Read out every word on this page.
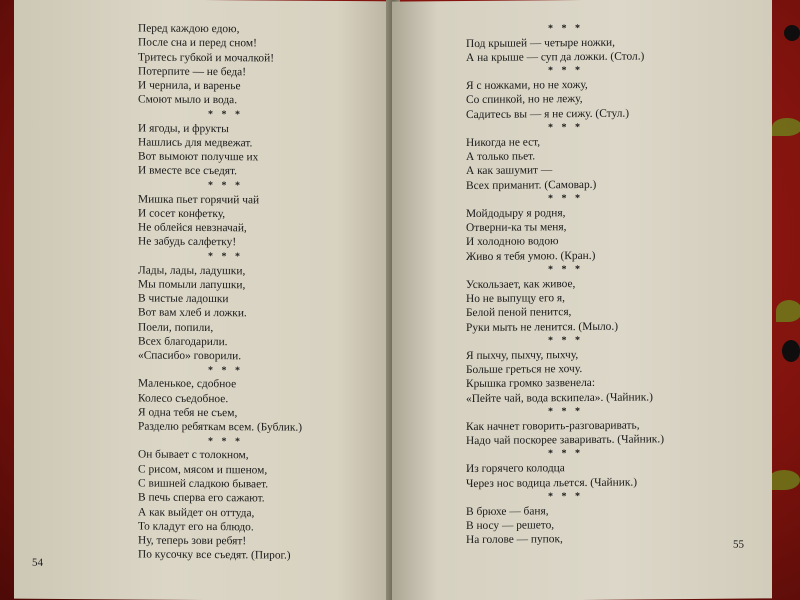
Перед каждою едою,
После сна и перед сном!
Тритесь губкой и мочалкой!
Потерпите — не беда!
И чернила, и варенье
Смоют мыло и вода.
* * *
И ягоды, и фрукты
Нашлись для медвежат.
Вот вымоют получше их
И вместе все съедят.
* * *
Мишка пьет горячий чай
И сосет конфетку,
Не облейся невзначай,
Не забудь салфетку!
* * *
Лады, лады, ладушки,
Мы помыли лапушки,
В чистые ладошки
Вот вам хлеб и ложки.
Поели, попили,
Всех благодарили.
«Спасибо» говорили.
* * *
Маленькое, сдобное
Колесо съедобное.
Я одна тебя не съем,
Разделю ребяткам всем. (Бублик.)
* * *
Он бывает с толокном,
С рисом, мясом и пшеном,
С вишней сладкою бывает.
В печь сперва его сажают.
А как выйдет он оттуда,
То кладут его на блюдо.
Ну, теперь зови ребят!
По кусочку все съедят. (Пирог.)
54
* * *
Под крышей — четыре ножки,
А на крыше — суп да ложки. (Стол.)
* * *
Я с ножками, но не хожу,
Со спинкой, но не лежу,
Садитесь вы — я не сижу. (Стул.)
* * *
Никогда не ест,
А только пьет.
А как зашумит —
Всех приманит. (Самовар.)
* * *
Мойдодыру я родня,
Отверни-ка ты меня,
И холодною водою
Живо я тебя умою. (Кран.)
* * *
Ускользает, как живое,
Но не выпущу его я,
Белой пеной пенится,
Руки мыть не ленится. (Мыло.)
* * *
Я пыхчу, пыхчу, пыхчу,
Больше греться не хочу.
Крышка громко зазвенела:
«Пейте чай, вода вскипела». (Чайник.)
* * *
Как начнет говорить-разговаривать,
Надо чай поскорее заваривать. (Чайник.)
* * *
Из горячего колодца
Через нос водица льется. (Чайник.)
* * *
В брюхе — баня,
В носу — решето,
На голове — пупок,	55
